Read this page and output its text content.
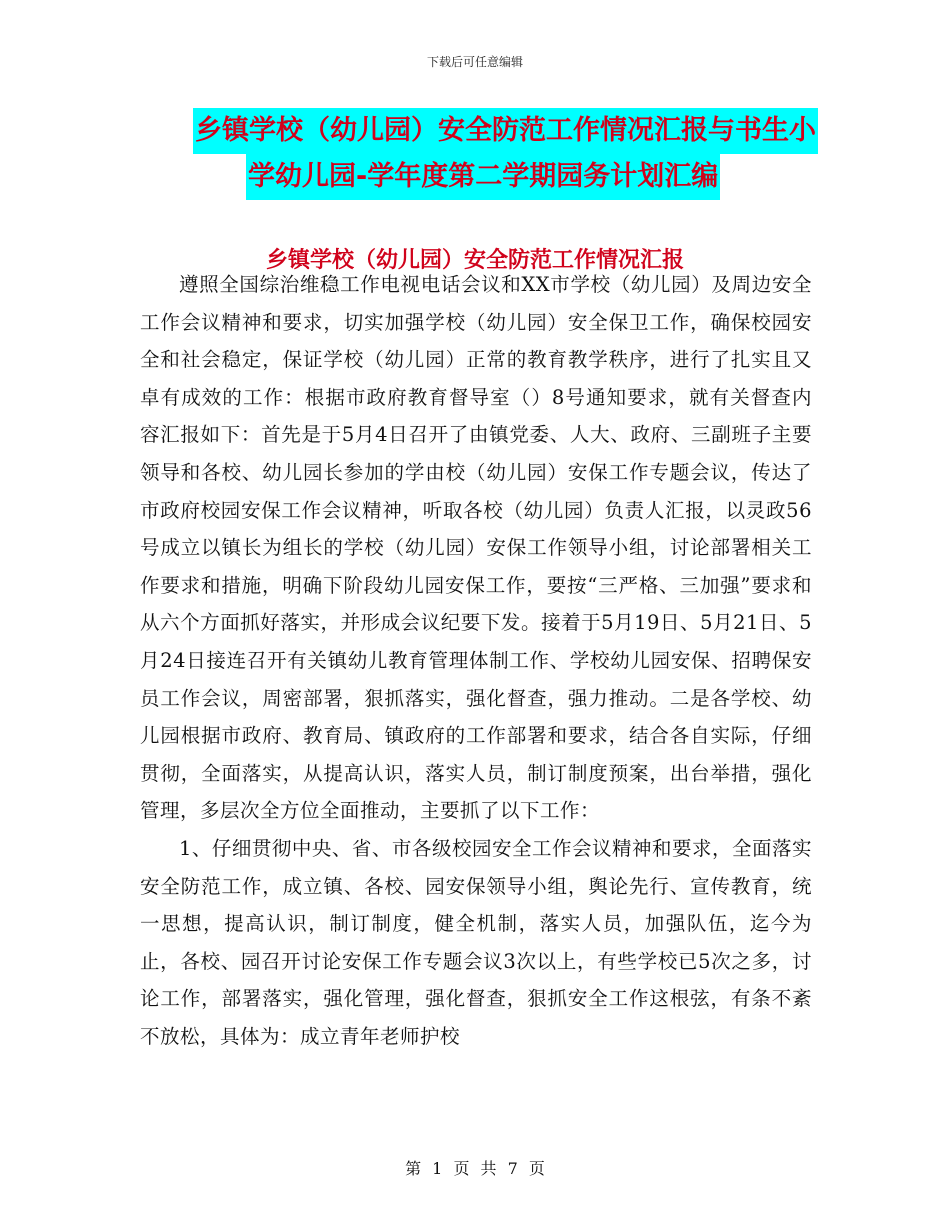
下载后可任意编辑
乡镇学校（幼儿园）安全防范工作情况汇报与书生小
学幼儿园-学年度第二学期园务计划汇编
乡镇学校（幼儿园）安全防范工作情况汇报

遵照全国综治维稳工作电视电话会议和XX市学校（幼儿园）及周边安全工作会议精神和要求，切实加强学校（幼儿园）安全保卫工作，确保校园安全和社会稳定，保证学校（幼儿园）正常的教育教学秩序，进行了扎实且又卓有成效的工作：根据市政府教育督导室（）8号通知要求，就有关督查内容汇报如下：首先是于5月4日召开了由镇党委、人大、政府、三副班子主要领导和各校、幼儿园长参加的学由校（幼儿园）安保工作专题会议，传达了市政府校园安保工作会议精神，听取各校（幼儿园）负责人汇报，以灵政56号成立以镇长为组长的学校（幼儿园）安保工作领导小组，讨论部署相关工作要求和措施，明确下阶段幼儿园安保工作，要按“三严格、三加强”要求和从六个方面抓好落实，并形成会议纪要下发。接着于5月19日、5月21日、5月24日接连召开有关镇幼儿教育管理体制工作、学校幼儿园安保、招聘保安员工作会议，周密部署，狠抓落实，强化督查，强力推动。二是各学校、幼儿园根据市政府、教育局、镇政府的工作部署和要求，结合各自实际，仔细贯彻，全面落实，从提高认识，落实人员，制订制度预案，出台举措，强化管理，多层次全方位全面推动，主要抓了以下工作：

1、仔细贯彻中央、省、市各级校园安全工作会议精神和要求，全面落实安全防范工作，成立镇、各校、园安保领导小组，舆论先行、宣传教育，统一思想，提高认识，制订制度，健全机制，落实人员，加强队伍，迄今为止，各校、园召开讨论安保工作专题会议3次以上，有些学校已5次之多，讨论工作，部署落实，强化管理，强化督查，狠抓安全工作这根弦，有条不紊不放松，具体为：成立青年老师护校

第 1 页 共 7 页
